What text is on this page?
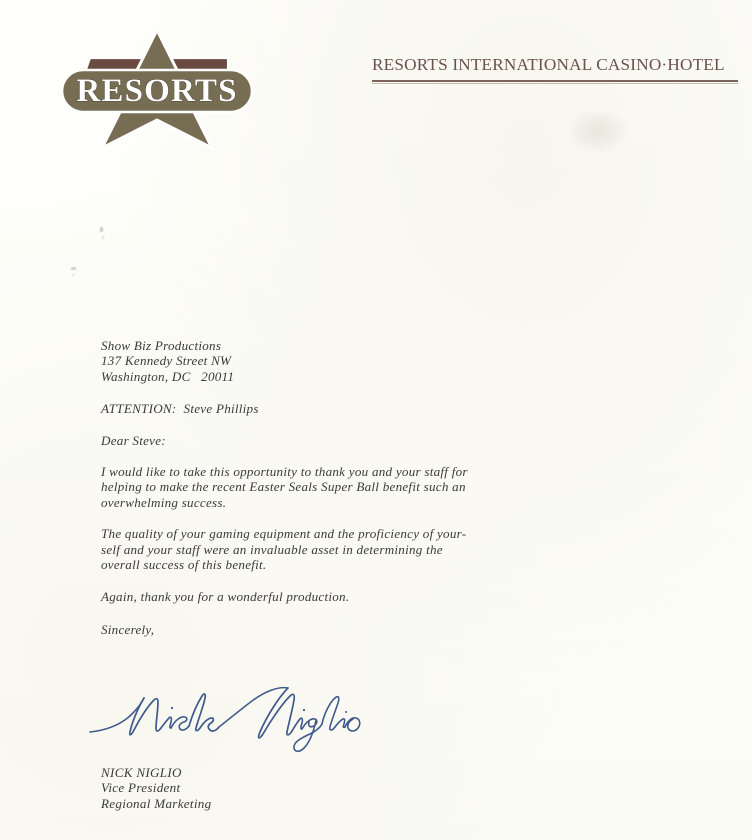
RESORTS
RESORTS INTERNATIONAL CASINO·HOTEL
Show Biz Productions
137 Kennedy Street NW
Washington, DC   20011
ATTENTION:  Steve Phillips
Dear Steve:
I would like to take this opportunity to thank you and your staff for
helping to make the recent Easter Seals Super Ball benefit such an
overwhelming success.
The quality of your gaming equipment and the proficiency of your-
self and your staff were an invaluable asset in determining the
overall success of this benefit.
Again, thank you for a wonderful production.
Sincerely,
NICK NIGLIO
Vice President
Regional Marketing
